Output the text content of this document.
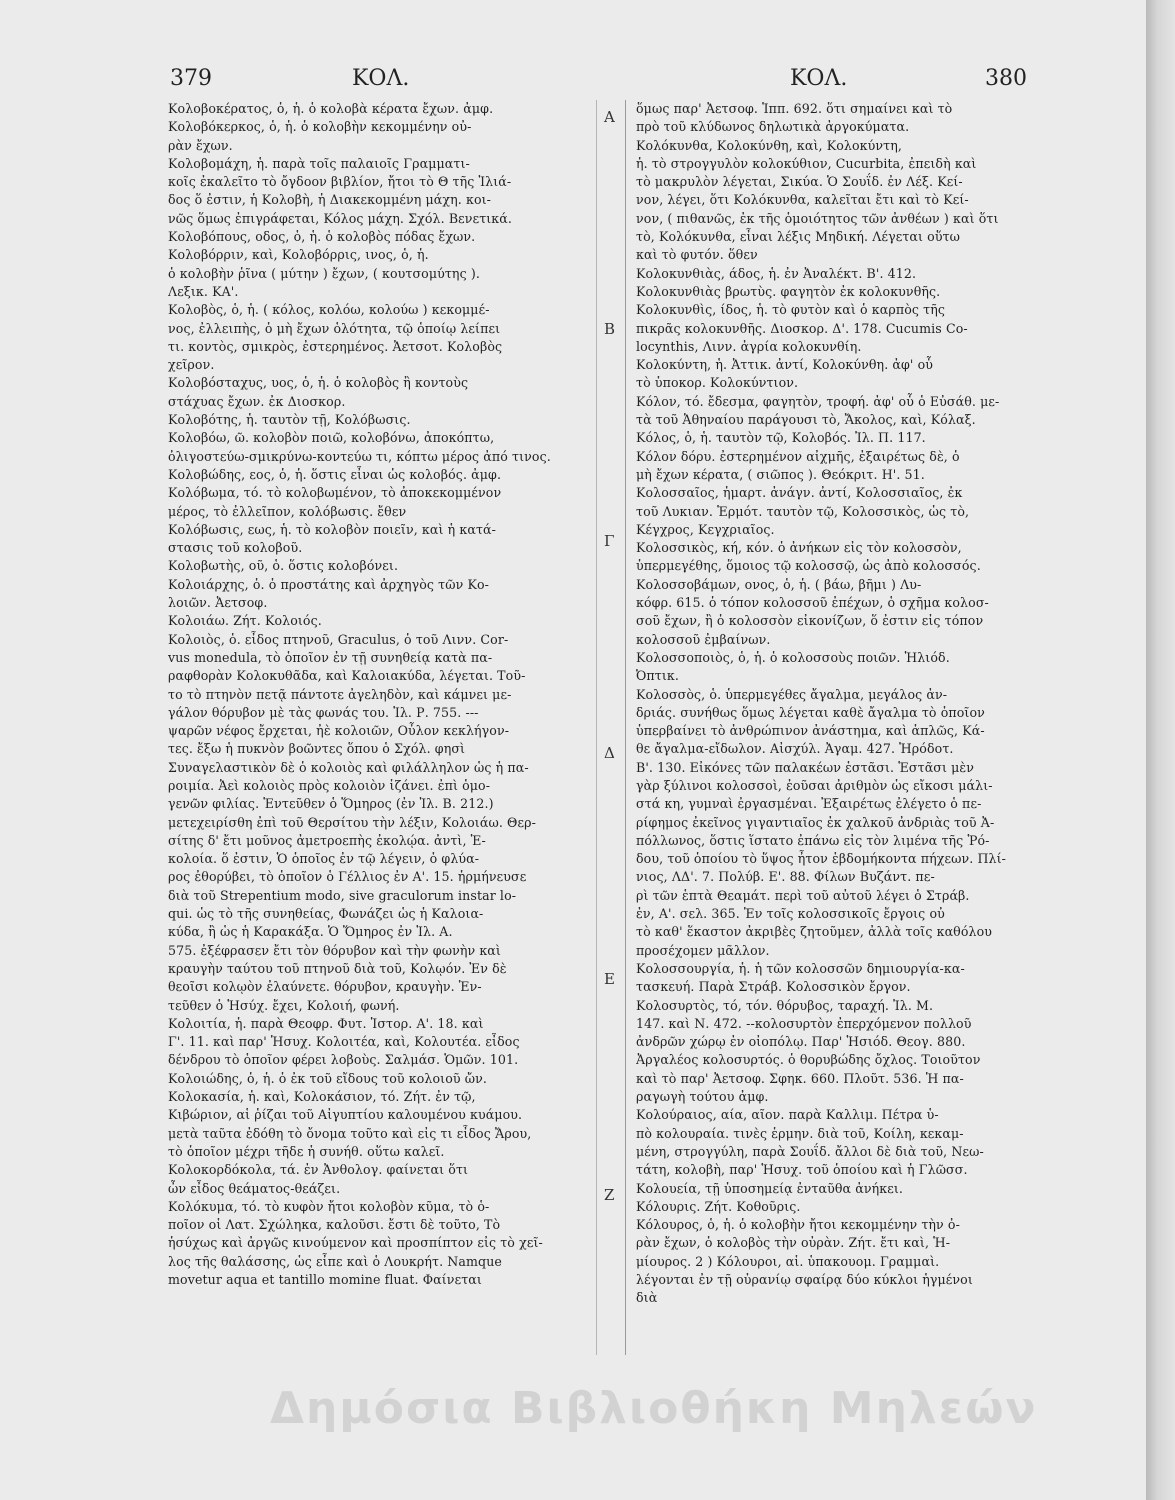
379	ΚΟΛ.	ΚΟΛ.	380
Α
Β
Γ
Δ
Ε
Ζ
Κολοβοκέρατος, ὁ, ἡ. ὁ κολοβὰ κέρατα ἔχων. ἀμφ.
Κολοβόκερκος, ὁ, ἡ. ὁ κολοβὴν κεκομμένην οὐ-
ρὰν ἔχων.
Κολοβομάχη, ἡ. παρὰ τοῖς παλαιοῖς Γραμματι-
κοῖς ἐκαλεῖτο τὸ ὄγδοον βιβλίον, ἤτοι τὸ Θ τῆς Ἰλιά-
δος ὅ ἐστιν, ἡ Κολοβὴ, ἡ Διακεκομμένη μάχη. κοι-
νῶς ὅμως ἐπιγράφεται, Κόλος μάχη. Σχόλ. Βενετικά.
Κολοβόπους, οδος, ὁ, ἡ. ὁ κολοβὸς πόδας ἔχων.
Κολοβόρριν, καὶ, Κολοβόρρις, ινος, ὁ, ἡ.
ὁ κολοβὴν ῥῖνα ( μύτην ) ἔχων, ( κουτσομύτης ).
Λεξικ. ΚΑ'.
Κολοβὸς, ὁ, ἡ. ( κόλος, κολόω, κολούω ) κεκομμέ-
νος, ἐλλειπὴς, ὁ μὴ ἔχων ὁλότητα, τῷ ὁποίῳ λείπει
τι. κοντὸς, σμικρὸς, ἐστερημένος. Ἀετσοτ. Κολοβὸς
χεῖρον.
Κολοβόσταχυς, υος, ὁ, ἡ. ὁ κολοβὸς ἢ κοντοὺς
στάχυας ἔχων. ἐκ Διοσκορ.
Κολοβότης, ἡ. ταυτὸν τῇ, Κολόβωσις.
Κολοβόω, ῶ. κολοβὸν ποιῶ, κολοβόνω, ἀποκόπτω,
ὀλιγοστεύω-σμικρύνω-κοντεύω τι, κόπτω μέρος ἀπό τινος.
Κολοβώδης, εος, ὁ, ἡ. ὅστις εἶναι ὡς κολοβός. ἀμφ.
Κολόβωμα, τό. τὸ κολοβωμένον, τὸ ἀποκεκομμένον
μέρος, τὸ ἐλλεῖπον, κολόβωσις. ἔθεν
Κολόβωσις, εως, ἡ. τὸ κολοβὸν ποιεῖν, καὶ ἡ κατά-
στασις τοῦ κολοβοῦ.
Κολοβωτὴς, οῦ, ὁ. ὅστις κολοβόνει.
Κολοιάρχης, ὁ. ὁ προστάτης καὶ ἀρχηγὸς τῶν Κο-
λοιῶν. Ἀετσοφ.
Κολοιάω. Ζήτ. Κολοιός.
Κολοιὸς, ὁ. εἶδος πτηνοῦ, Graculus, ὁ τοῦ Λινν. Cor-
vus monedula, τὸ ὁποῖον ἐν τῇ συνηθείᾳ κατὰ πα-
ραφθορὰν Κολοκυθᾶδα, καὶ Καλοιακύδα, λέγεται. Τοῦ-
το τὸ πτηνὸν πετᾷ πάντοτε ἀγεληδὸν, καὶ κάμνει με-
γάλον θόρυβον μὲ τὰς φωνάς του. Ἰλ. Ρ. 755. ---
ψαρῶν νέφος ἔρχεται, ἠὲ κολοιῶν, Οὖλον κεκλήγον-
τες. ἔξω ἡ πυκνὸν βοῶντες ὅπου ὁ Σχόλ. φησὶ
Συναγελαστικὸν δὲ ὁ κολοιὸς καὶ φιλάλληλον ὡς ἡ πα-
ροιμία. Ἀεὶ κολοιὸς πρὸς κολοιὸν ἱζάνει. ἐπὶ ὁμο-
γενῶν φιλίας. Ἐντεῦθεν ὁ Ὅμηρος (ἐν Ἰλ. Β. 212.)
μετεχειρίσθη ἐπὶ τοῦ Θερσίτου τὴν λέξιν, Κολοιάω. Θερ-
σίτης δ' ἔτι μοῦνος ἀμετροεπὴς ἐκολῴα. ἀντὶ, Ἐ-
κολοία. ὅ ἐστιν, Ὁ ὁποῖος ἐν τῷ λέγειν, ὁ φλύα-
ρος ἐθορύβει, τὸ ὁποῖον ὁ Γέλλιος ἐν Α'. 15. ἡρμήνευσε
διὰ τοῦ Strepentium modo, sive graculorum instar lo-
qui. ὡς τὸ τῆς συνηθείας, Φωνάζει ὡς ἡ Καλοια-
κύδα, ἢ ὡς ἡ Καρακάξα. Ὁ Ὅμηρος ἐν Ἰλ. Α.
575. ἐξέφρασεν ἔτι τὸν θόρυβον καὶ τὴν φωνὴν καὶ
κραυγὴν ταύτου τοῦ πτηνοῦ διὰ τοῦ, Κολῳόν. Ἐν δὲ
θεοῖσι κολῳὸν ἐλαύνετε. θόρυβον, κραυγὴν. Ἐν-
τεῦθεν ὁ Ἡσύχ. ἔχει, Κολοιή, φωνή.
Κολοιτία, ἡ. παρὰ Θεοφρ. Φυτ. Ἱστορ. Α'. 18. καὶ
Γ'. 11. καὶ παρ' Ἡσυχ. Κολοιτέα, καὶ, Κολουτέα. εἶδος
δένδρου τὸ ὁποῖον φέρει λοβοὺς. Σαλμάσ. Ὁμῶν. 101.
Κολοιώδης, ὁ, ἡ. ὁ ἐκ τοῦ εἴδους τοῦ κολοιοῦ ὤν.
Κολοκασία, ἡ. καὶ, Κολοκάσιον, τό. Ζήτ. ἐν τῷ,
Κιβώριον, αἱ ῥίζαι τοῦ Αἰγυπτίου καλουμένου κυάμου.
μετὰ ταῦτα ἐδόθη τὸ ὄνομα τοῦτο καὶ εἰς τι εἶδος Ἄρου,
τὸ ὁποῖον μέχρι τῆδε ἡ συνήθ. οὕτω καλεῖ.
Κολοκορδόκολα, τά. ἐν Ἀνθολογ. φαίνεται ὅτι
ὦν εἶδος θεάματος-θεάζει.
Κολόκυμα, τό. τὸ κυφὸν ἤτοι κολοβὸν κῦμα, τὸ ὁ-
ποῖον οἱ Λατ. Σχώληκα, καλοῦσι. ἔστι δὲ τοῦτο, Τὸ
ἡσύχως καὶ ἀργῶς κινούμενον καὶ προσπίπτον εἰς τὸ χεῖ-
λος τῆς θαλάσσης, ὡς εἶπε καὶ ὁ Λουκρήτ. Namque
movetur aqua et tantillo momine fluat. Φαίνεται
ὅμως παρ' Ἀετσοφ. Ἱππ. 692. ὅτι σημαίνει καὶ τὸ
πρὸ τοῦ κλύδωνος δηλωτικὰ ἀργοκύματα.
Κολόκυνθα, Κολοκύνθη, καὶ, Κολοκύντη,
ἡ. τὸ στρογγυλὸν κολοκύθιον, Cucurbita, ἐπειδὴ καὶ
τὸ μακρυλὸν λέγεται, Σικύα. Ὁ Σουΐδ. ἐν Λέξ. Κεί-
νον, λέγει, ὅτι Κολόκυνθα, καλεῖται ἔτι καὶ τὸ Κεί-
νον, ( πιθανῶς, ἐκ τῆς ὁμοιότητος τῶν ἀνθέων ) καὶ ὅτι
τὸ, Κολόκυνθα, εἶναι λέξις Μηδική. Λέγεται οὕτω
καὶ τὸ φυτόν. ὅθεν
Κολοκυνθιὰς, άδος, ἡ. ἐν Ἀναλέκτ. Β'. 412.
Κολοκυνθιὰς βρωτὺς. φαγητὸν ἐκ κολοκυνθῆς.
Κολοκυνθὶς, ίδος, ἡ. τὸ φυτὸν καὶ ὁ καρπὸς τῆς
πικρᾶς κολοκυνθῆς. Διοσκορ. Δ'. 178. Cucumis Co-
locynthis, Λινν. ἀγρία κολοκυνθίη.
Κολοκύντη, ἡ. Ἀττικ. ἀντί, Κολοκύνθη. ἀφ' οὗ
τὸ ὑποκορ. Κολοκύντιον.
Κόλον, τό. ἔδεσμα, φαγητὸν, τροφή. ἀφ' οὗ ὁ Εὐσάθ. με-
τὰ τοῦ Ἀθηναίου παράγουσι τὸ, Ἄκολος, καὶ, Κόλαξ.
Κόλος, ὁ, ἡ. ταυτὸν τῷ, Κολοβός. Ἰλ. Π. 117.
Κόλον δόρυ. ἐστερημένον αἰχμῆς, ἐξαιρέτως δὲ, ὁ
μὴ ἔχων κέρατα, ( σιῶπος ). Θεόκριτ. Η'. 51.
Κολοσσαῖος, ἡμαρτ. ἀνάγν. ἀντί, Κολοσσιαῖος, ἐκ
τοῦ Λυκιαν. Ἑρμότ. ταυτὸν τῷ, Κολοσσικὸς, ὡς τὸ,
Κέγχρος, Κεγχριαῖος.
Κολοσσικὸς, κή, κόν. ὁ ἀνήκων εἰς τὸν κολοσσὸν,
ὑπερμεγέθης, ὅμοιος τῷ κολοσσῷ, ὡς ἀπὸ κολοσσός.
Κολοσσοβάμων, ονος, ὁ, ἡ. ( βάω, βῆμι ) Λυ-
κόφρ. 615. ὁ τόπον κολοσσοῦ ἐπέχων, ὁ σχῆμα κολοσ-
σοῦ ἔχων, ἢ ὁ κολοσσὸν εἰκονίζων, ὅ ἐστιν εἰς τόπον
κολοσσοῦ ἐμβαίνων.
Κολοσσοποιὸς, ὁ, ἡ. ὁ κολοσσοὺς ποιῶν. Ἡλιόδ.
Ὀπτικ.
Κολοσσὸς, ὁ. ὑπερμεγέθες ἄγαλμα, μεγάλος ἀν-
δριάς. συνήθως ὅμως λέγεται καθὲ ἄγαλμα τὸ ὁποῖον
ὑπερβαίνει τὸ ἀνθρώπινον ἀνάστημα, καὶ ἁπλῶς, Κά-
θε ἄγαλμα-εἴδωλον. Αἰσχύλ. Ἀγαμ. 427. Ἡρόδοτ.
Β'. 130. Εἰκόνες τῶν παλακέων ἑστᾶσι. Ἑστᾶσι μὲν
γὰρ ξύλινοι κολοσσοὶ, ἐοῦσαι ἀριθμὸν ὡς εἴκοσι μάλι-
στά κη, γυμναὶ ἐργασμέναι. Ἐξαιρέτως ἐλέγετο ὁ πε-
ρίφημος ἐκεῖνος γιγαντιαῖος ἐκ χαλκοῦ ἀνδριὰς τοῦ Ἀ-
πόλλωνος, ὅστις ἵστατο ἐπάνω εἰς τὸν λιμένα τῆς Ῥό-
δου, τοῦ ὁποίου τὸ ὕψος ἦτον ἑβδομήκοντα πήχεων. Πλί-
νιος, ΛΔ'. 7. Πολύβ. Ε'. 88. Φίλων Βυζάντ. πε-
ρὶ τῶν ἑπτὰ Θεαμάτ. περὶ τοῦ αὐτοῦ λέγει ὁ Στράβ.
ἐν, Α'. σελ. 365. Ἐν τοῖς κολοσσικοῖς ἔργοις οὐ
τὸ καθ' ἕκαστον ἀκριβὲς ζητοῦμεν, ἀλλὰ τοῖς καθόλου
προσέχομεν μᾶλλον.
Κολοσσουργία, ἡ. ἡ τῶν κολοσσῶν δημιουργία-κα-
τασκευή. Παρὰ Στράβ. Κολοσσικὸν ἔργον.
Κολοσυρτὸς, τό, τόν. θόρυβος, ταραχή. Ἰλ. Μ.
147. καὶ Ν. 472. --κολοσυρτὸν ἐπερχόμενον πολλοῦ
ἀνδρῶν χώρῳ ἐν οἰοπόλῳ. Παρ' Ἡσιόδ. Θεογ. 880.
Ἀργαλέος κολοσυρτός. ὁ θορυβώδης ὄχλος. Τοιοῦτον
καὶ τὸ παρ' Ἀετσοφ. Σφηκ. 660. Πλοῦτ. 536. Ἡ πα-
ραγωγὴ τούτου ἀμφ.
Κολούραιος, αία, αῖον. παρὰ Καλλιμ. Πέτρα ὑ-
πὸ κολουραία. τινὲς ἑρμην. διὰ τοῦ, Κοίλη, κεκαμ-
μένη, στρογγύλη, παρὰ Σουΐδ. ἄλλοι δὲ διὰ τοῦ, Νεω-
τάτη, κολοβὴ, παρ' Ἡσυχ. τοῦ ὁποίου καὶ ἡ Γλῶσσ.
Κολουεία, τῇ ὑποσημείᾳ ἐνταῦθα ἀνήκει.
Κόλουρις. Ζήτ. Κοθοῦρις.
Κόλουρος, ὁ, ἡ. ὁ κολοβὴν ἤτοι κεκομμένην τὴν ὀ-
ρὰν ἔχων, ὁ κολοβὸς τὴν οὐρὰν. Ζήτ. ἔτι καὶ, Ἡ-
μίουρος. 2 ) Κόλουροι, αἱ. ὑπακουομ. Γραμμαὶ.
λέγονται ἐν τῇ οὐρανίῳ σφαίρᾳ δύο κύκλοι ἡγμένοι
διὰ
Δημόσια Βιβλιοθήκη Μηλεών
